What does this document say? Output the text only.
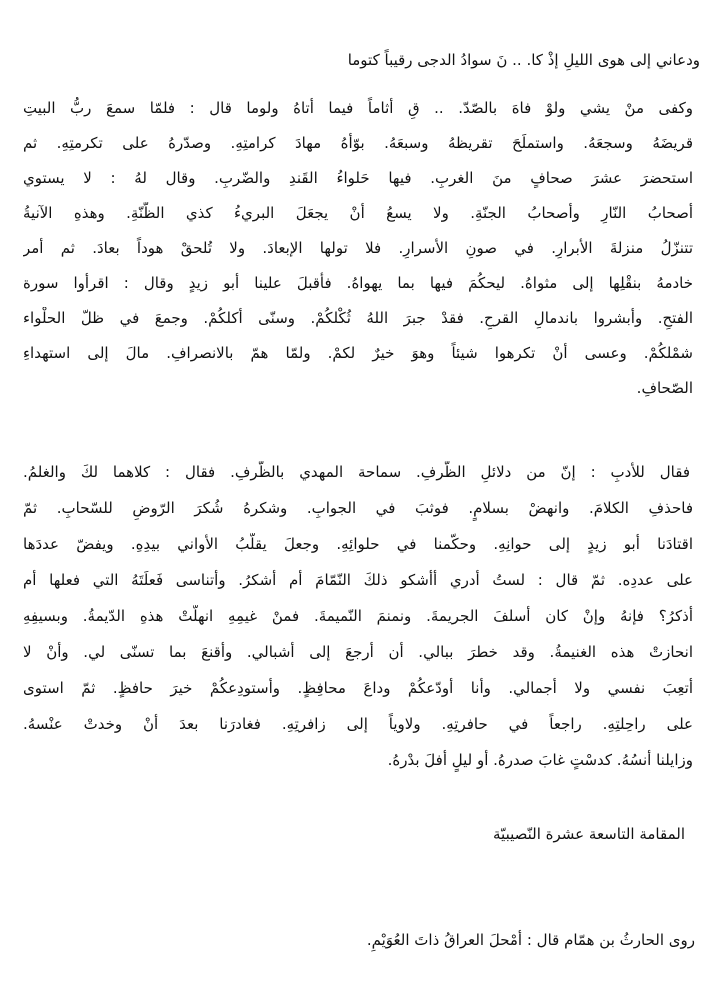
ودعاني إلى هوى الليلِ إذْ كا. .. نَ سوادُ الدجى رقيباً كتوما
وكفى منْ يشي ولوْ فاهَ بالصّدّ. .. قِ أثاماً فيما أتاهُ ولوما قال : فلمّا سمعَ ربُّ البيتِ
قريضَهُ وسجعَهُ. واستملَحَ تقريظهُ وسبعَهُ. بوّأهُ مهادَ كرامتِهِ. وصدّرهُ على تكرمتِهِ. ثم
استحضرَ عشرَ صحافٍ منَ الغربِ. فيها حَلواءُ القَندِ والضّربِ. وقال لهُ : لا يستوي
أصحابُ النّارِ وأصحابُ الجنّةِ. ولا يسعُ أنْ يجعَلَ البريءُ كذي الظّنّةِ. وهذهِ الآنيةُ
تتنزّلُ منزلةَ الأبرارِ. في صونِ الأسرارِ. فلا تولها الإبعادَ. ولا تُلحقْ هوداً بعادَ. ثم أمر
خادمهُ بنقْلِها إلى مثواهُ. ليحكُمَ فيها بما يهواهُ. فأقبلَ علينا أبو زيدٍ وقال : اقرأوا سورة
الفتحِ. وأبشروا باندمالِ القرحِ. فقدْ جبرَ اللهُ ثُكْلكُمْ. وسنّى أكلكُمْ. وجمعَ في ظلّ الحلْواء
شمْلكُمْ. وعسى أنْ تكرهوا شيئاً وهوَ خيرٌ لكمْ. ولمّا همّ بالانصرافِ. مالَ إلى استهداءِ
الصّحافِ.
فقال للأدبِ : إنّ من دلائلِ الظّرفِ. سماحة المهدي بالظّرفِ. فقال : كلاهما لكَ والغلمُ.
فاحذفِ الكلامَ. وانهضْ بسلامٍ. فوثبَ في الجوابِ. وشكرهُ شُكرَ الرّوضِ للسّحابِ. ثمّ
اقتادَنا أبو زيدٍ إلى حوانِهِ. وحكّمنا في حلوائِهِ. وجعلَ يقلّبُ الأواني بيدِهِ. ويفضّ عددَها
على عددِه. ثمّ قال : لستُ أدري أأشكو ذلكَ النّمّامَ أم أشكرُ. وأتناسى فَعلَتَهُ التي فعلها أم
أذكرُ؟ فإنهُ وإنْ كان أسلفَ الجريمةَ. ونمنمَ النّميمةَ. فمنْ غيمِهِ انهلّتْ هذهِ الدّيمةُ. وبسيفِهِ
انحازتْ هذه الغنيمةُ. وقد خطرَ ببالي. أن أرجعَ إلى أشبالي. وأقنعَ بما تسنّى لي. وأنْ لا
أتعِبَ نفسي ولا أجمالي. وأنا أودّعكُمْ وداعَ محافِظٍ. وأستودِعكُمْ خيرَ حافظٍ. ثمّ استوى
على راحِلتِهِ. راجعاً في حافرتِهِ. ولاوياً إلى زافرتِهِ. فغادرَنا بعدَ أنْ وخدتْ عنْسهُ.
وزايلنا أنسُهُ. كدسْتٍ غابَ صدرهُ. أو ليلٍ أفلَ بدْرهُ.
المقامة التاسعة عشرة النّصيبيّة
روى الحارثُ بن همّام قال : أمْحلَ العراقُ ذاتَ العُوَيْمِ.
